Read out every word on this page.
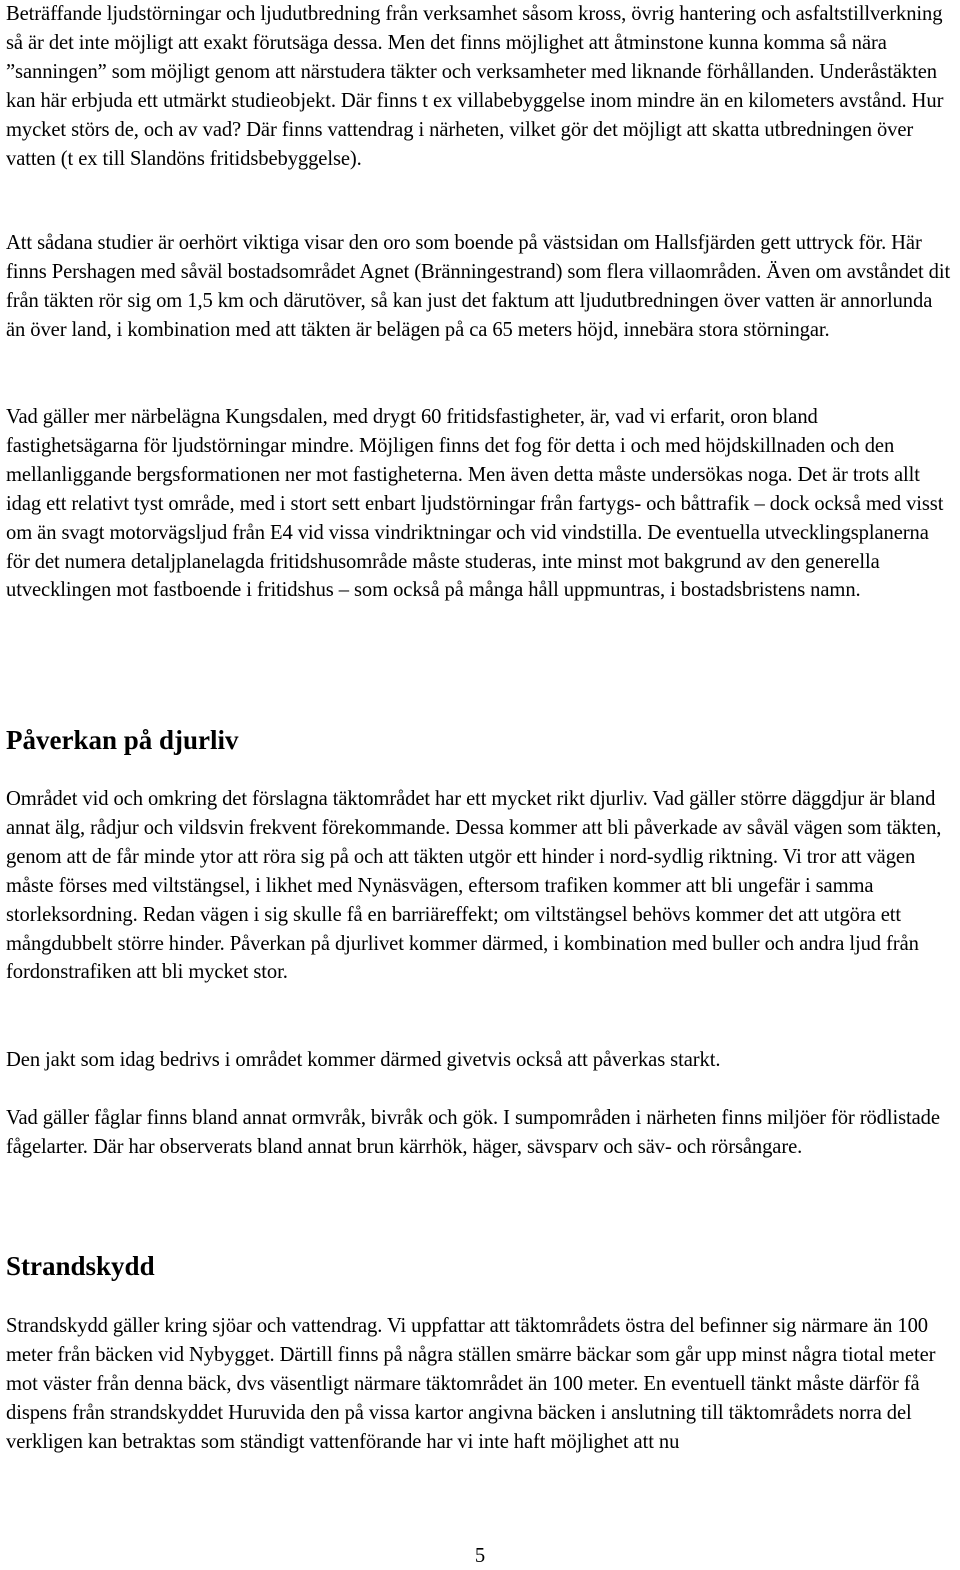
Beträffande ljudstörningar och ljudutbredning från verksamhet såsom kross, övrig hantering och asfaltstillverkning så är det inte möjligt att exakt förutsäga dessa. Men det finns möjlighet att åtminstone kunna komma så nära ”sanningen” som möjligt genom att närstudera täkter och verksamheter med liknande förhållanden. Underåstäkten kan här erbjuda ett utmärkt studieobjekt. Där finns t ex villabebyggelse inom mindre än en kilometers avstånd. Hur mycket störs de, och av vad? Där finns vattendrag i närheten, vilket gör det möjligt att skatta utbredningen över vatten (t ex till Slandöns fritidsbebyggelse).

Att sådana studier är oerhört viktiga visar den oro som boende på västsidan om Hallsfjärden gett uttryck för. Här finns Pershagen med såväl bostadsområdet Agnet (Bränningestrand) som flera villaområden. Även om avståndet dit från täkten rör sig om 1,5 km och därutöver, så kan just det faktum att ljudutbredningen över vatten är annorlunda än över land, i kombination med att täkten är belägen på ca 65 meters höjd, innebära stora störningar.

Vad gäller mer närbelägna Kungsdalen, med drygt 60 fritidsfastigheter, är, vad vi erfarit, oron bland fastighetsägarna för ljudstörningar mindre. Möjligen finns det fog för detta i och med höjdskillnaden och den mellanliggande bergsformationen ner mot fastigheterna. Men även detta måste undersökas noga. Det är trots allt idag ett relativt tyst område, med i stort sett enbart ljudstörningar från fartygs- och båttrafik – dock också med visst om än svagt motorvägsljud från E4 vid vissa vindriktningar och vid vindstilla. De eventuella utvecklingsplanerna för det numera detaljplanelagda fritidshusområde måste studeras, inte minst mot bakgrund av den generella utvecklingen mot fastboende i fritidshus – som också på många håll uppmuntras, i bostadsbristens namn.

Påverkan på djurliv

Området vid och omkring det förslagna täktområdet har ett mycket rikt djurliv. Vad gäller större däggdjur är bland annat älg, rådjur och vildsvin frekvent förekommande. Dessa kommer att bli påverkade av såväl vägen som täkten, genom att de får minde ytor att röra sig på och att täkten utgör ett hinder i nord-sydlig riktning. Vi tror att vägen måste förses med viltstängsel, i likhet med Nynäsvägen, eftersom trafiken kommer att bli ungefär i samma storleksordning. Redan vägen i sig skulle få en barriäreffekt; om viltstängsel behövs kommer det att utgöra ett mångdubbelt större hinder. Påverkan på djurlivet kommer därmed, i kombination med buller och andra ljud från fordonstrafiken att bli mycket stor.

Den jakt som idag bedrivs i området kommer därmed givetvis också att påverkas starkt.

Vad gäller fåglar finns bland annat ormvråk, bivråk och gök. I sumpområden i närheten finns miljöer för rödlistade fågelarter. Där har observerats bland annat brun kärrhök, häger, sävsparv och säv- och rörsångare.

Strandskydd

Strandskydd gäller kring sjöar och vattendrag. Vi uppfattar att täktområdets östra del befinner sig närmare än 100 meter från bäcken vid Nybygget. Därtill finns på några ställen smärre bäckar som går upp minst några tiotal meter mot väster från denna bäck, dvs väsentligt närmare täktområdet än 100 meter. En eventuell tänkt måste därför få dispens från strandskyddet Huruvida den på vissa kartor angivna bäcken i anslutning till täktområdets norra del verkligen kan betraktas som ständigt vattenförande har vi inte haft möjlighet att nu

5
